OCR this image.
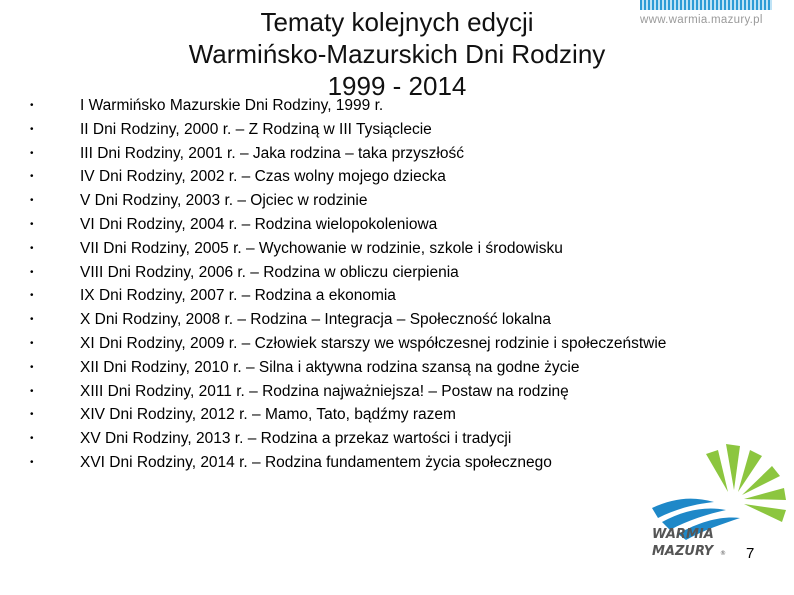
www.warmia.mazury.pl
Tematy kolejnych edycji
Warmińsko-Mazurskich Dni Rodziny
1999 - 2014
•	I Warmińsko Mazurskie Dni Rodziny, 1999 r.
•	II Dni Rodziny, 2000 r. – Z Rodziną w III Tysiąclecie
•	III Dni Rodziny, 2001 r. – Jaka rodzina – taka przyszłość
•	IV Dni Rodziny, 2002 r. – Czas wolny mojego dziecka
•	V Dni Rodziny, 2003 r. – Ojciec w rodzinie
•	VI Dni Rodziny, 2004 r. – Rodzina wielopokoleniowa
•	VII Dni Rodziny, 2005 r. – Wychowanie w rodzinie, szkole i środowisku
•	VIII Dni Rodziny, 2006 r. – Rodzina w obliczu cierpienia
•	IX Dni Rodziny, 2007 r. – Rodzina a ekonomia
•	X Dni Rodziny, 2008 r. – Rodzina – Integracja – Społeczność lokalna
•	XI Dni Rodziny, 2009 r. – Człowiek starszy we współczesnej rodzinie i społeczeństwie
•	XII Dni Rodziny, 2010 r. – Silna i aktywna rodzina szansą na godne życie
•	XIII Dni Rodziny, 2011 r. – Rodzina najważniejsza! – Postaw na rodzinę
•	XIV Dni Rodziny, 2012 r. – Mamo, Tato, bądźmy razem
•	XV Dni Rodziny, 2013 r. – Rodzina a przekaz wartości i tradycji
•	XVI Dni Rodziny, 2014 r. – Rodzina fundamentem życia społecznego
WARMIA
MAZURY ® 7
